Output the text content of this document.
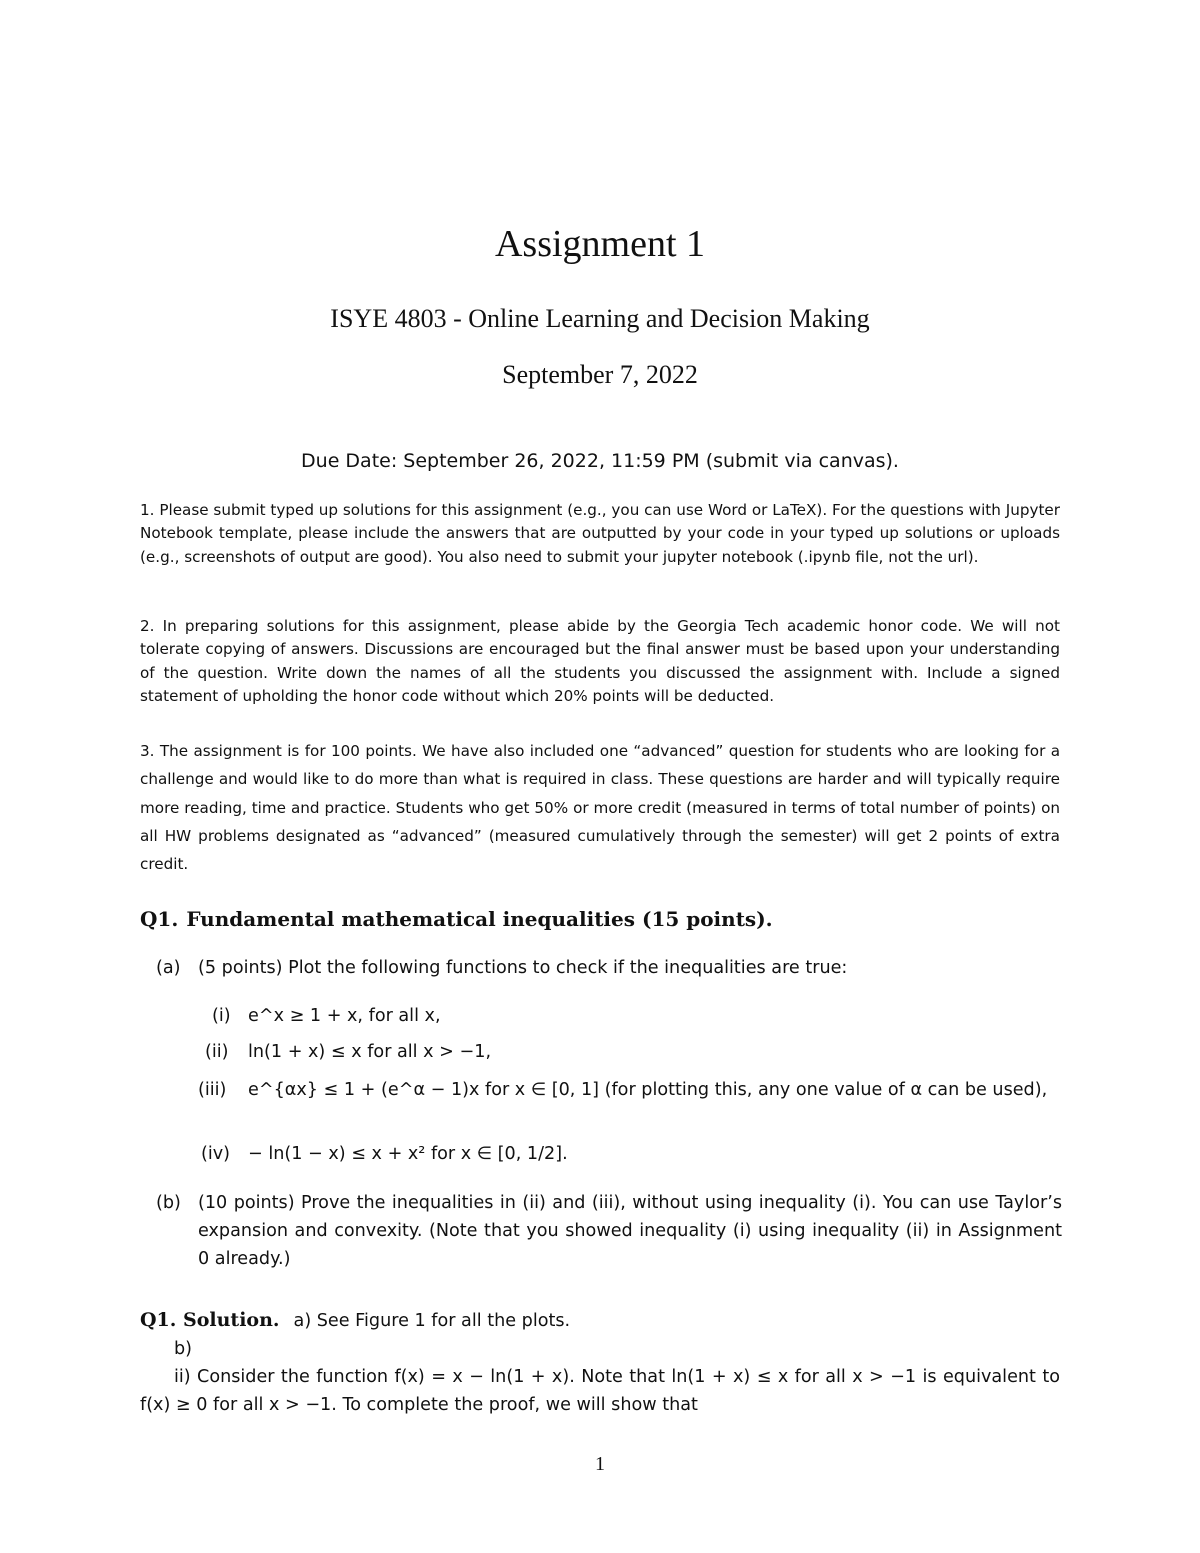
Assignment 1
ISYE 4803 - Online Learning and Decision Making
September 7, 2022
Due Date: September 26, 2022, 11:59 PM (submit via canvas).
1. Please submit typed up solutions for this assignment (e.g., you can use Word or LaTeX). For the questions with Jupyter Notebook template, please include the answers that are outputted by your code in your typed up solutions or uploads (e.g., screenshots of output are good). You also need to submit your jupyter notebook (.ipynb file, not the url).
2. In preparing solutions for this assignment, please abide by the Georgia Tech academic honor code. We will not tolerate copying of answers. Discussions are encouraged but the final answer must be based upon your understanding of the question. Write down the names of all the students you discussed the assignment with. Include a signed statement of upholding the honor code without which 20% points will be deducted.
3. The assignment is for 100 points. We have also included one “advanced” question for students who are looking for a challenge and would like to do more than what is required in class. These questions are harder and will typically require more reading, time and practice. Students who get 50% or more credit (measured in terms of total number of points) on all HW problems designated as “advanced” (measured cumulatively through the semester) will get 2 points of extra credit.
Q1. Fundamental mathematical inequalities (15 points).
(a) (5 points) Plot the following functions to check if the inequalities are true:
(i) e^x ≥ 1 + x, for all x,
(ii) ln(1 + x) ≤ x for all x > −1,
(iii) e^{αx} ≤ 1 + (e^α − 1)x for x ∈ [0, 1] (for plotting this, any one value of α can be used),
(iv) − ln(1 − x) ≤ x + x² for x ∈ [0, 1/2].
(b) (10 points) Prove the inequalities in (ii) and (iii), without using inequality (i). You can use Taylor’s expansion and convexity. (Note that you showed inequality (i) using inequality (ii) in Assignment 0 already.)
Q1. Solution. a) See Figure 1 for all the plots.
b)
ii) Consider the function f(x) = x − ln(1 + x). Note that ln(1 + x) ≤ x for all x > −1 is equivalent to f(x) ≥ 0 for all x > −1. To complete the proof, we will show that
1
